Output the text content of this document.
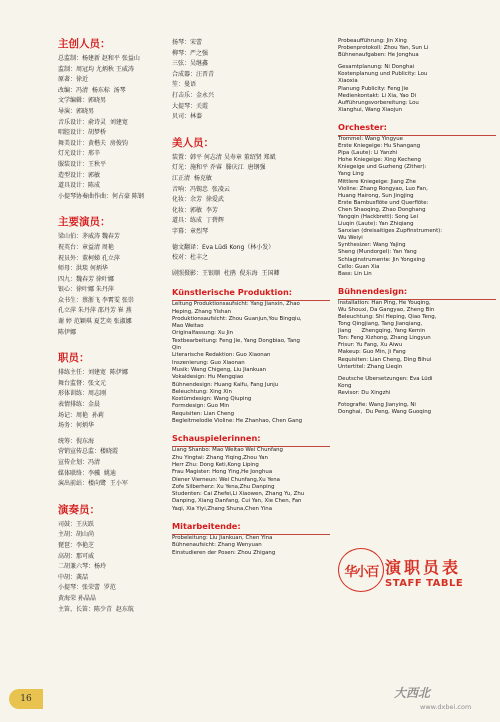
主创人员：
总监制：杨建新 赵和平 张益山
监制：周冠均 尤炳秋 王威涛
原著：徐近
改编：冯清  杨东标  汤琴
文学编辑：郭晓男
导演：郭晓男
音乐设计：俞诗灵  刘建宽
唱腔设计：胡梦桥
舞美设计：黄楷夫  房俊钧
灯光设计：邢辛
服装设计：王秋平
造型设计：郭敏
道具设计：陈成
小提琴协奏曲作曲：何占豪 陈钢
主要演员：
梁山伯：茅威涛 魏春芳
祝英台：章益清 周艳
祝员外：董柯娣 孔立萍
师母：洪琰 何炳华
四九：魏春芳 徐叶娜
银心：徐叶娜 朱丹萍
众书生：蔡浙飞 李霄雯 张崇
孔立萍 朱丹萍 邵丹芳 崔 燕
谢 婷 范颖琪 夏艺奕 张淑娜
陈伊娜
职员：
排练主任：刘建宽  陈伊娜
舞台监督：张文元
形体训练：周志刚
表情排练：金晨
场记：周艳  孙莉
场务：何炳华
统筹：倪东海
营销宣传总监：楼晓霞
宣传企划：冯清
媒体联络：李骥  姚迪
演出前站：楼向鹭  王小军
演奏员：
司鼓：王庆跃
主胡：胡山尚
琵琶：李艳芝
高胡：那可威
二胡兼六琴：杨玲
中胡：龚喆
小提琴：张荣蕾  罗范
黄海荣 孙晶晶
主笛、长笛：陈少青  赵东航
扬琴：宋蕾
柳琴：严之强
三弦：吴继鑫
合成器：汪晋青
笙：曼语
打击乐：金永兴
大提琴：关霞
贝司：林蓁
美人员：
装置：韩平 何志清 吴寿章 董绍贤 郑斌
灯光：施和平 乔睿  滕庆江  唐钢强
江正清  杨克敏
音响：冯锡忠  张凌云
化妆：余芳  徐爱武
化妆：郭敏  李芳
道具：练成  丁碧辉
字幕：章烈琴
德文翻译：Eva Lüdi Kong（林小发）
校对：杜丰之
剧照摄影：王银顺  杜鹃  倪东海  王国卿
Künstlerische Produktion:
Leitung Produktionsaufsicht: Yang Jianxin, Zhao
Heping, Zhang Yishan
Produktionsaufsicht: Zhou Guanjun,You Bingqiu,
Mao Weitao
Originalfassung: Xu Jin
Textbearbeitung: Feng Jie, Yang Dongbiao, Tang
Qin
Literarische Redaktion: Guo Xiaonan
Inszenierung: Guo Xiaonan
Musik: Wang Chigeng, Liu Jiankuan
Vokaldesign: Hu Mengqiao
Bühnendesign: Huang Kaifu, Fang Junju
Beleuchtung: Xing Xin
Kostümdesign: Wang Qiuping
Formdesign: Guo Min
Requisiten: Lian Cheng
Begleitmelodie Violine: He Zhanhao, Chen Gang
Schauspielerinnen:
Liang Shanbo: Mao Weitao Wei Chunfang
Zhu Yingtai: Zhang Yiqing,Zhou Yan
Herr Zhu: Dong Keti,Kong Liping
Frau Magister: Hong Ying,He Jonghua
Diener Vierneun: Wei Chunfang,Xu Yena
Zofe Silberherz: Xu Yena,Zhu Danping
Studenten: Cai Zhefei,Li Xiaowen, Zhang Yu, Zhu
Danping, Xiang Danfang, Cui Yan, Xie Chen, Fan
Yaqi, Xia Yiyi,Zhang Shuna,Chen Yina
Mitarbeitende:
Probeleitung: Liu Jiankuan, Chen Yina
Bühnenaufsicht: Zhang Wenyuan
Einstudieren der Posen: Zhou Zhigang
Probeaufführung: Jin Xing
Probenprotokoll: Zhou Yan, Sun Li
Bühnenaufgaben: He Jonghua
Gesamtplanung: Ni Donghai
Kostenplanung und Publicity: Lou
Xiaoxia
Planung Publicity: Feng Jie
Medienkontakt: Li Xia, Yao Di
Aufführungsvorbereitung: Lou
Xianghui, Wang Xiaojun
Orchester:
Trommel: Wang Yingyue
Erste Kniegeige: Hu Shangang
Pipa (Laute): Li Yanzhi
Hohe Kniegeige: Xing Kecheng
Kniegeige und Guzheng (Zither):
Yang Ling
Mittlere Kniegeige: Jiang Zhe
Violine: Zhang Rongyao, Luo Fan,
Huang Hairong, Sun Jingjing
Erste Bambusflöte und Querflöte:
Chen Shaoqing, Zhao Donghang
Yangqin (Hackbrett): Song Lei
Liuqin (Laute): Yan Zhiqiang
Sanxian (dreisaitiges Zupfinstrument):
Wu Weiyi
Synthesizer: Wang Yajing
Sheng (Mundorgel): Yan Yang
Schlaginstrumente: Jin Yongxing
Cello: Guan Xia
Bass: Lin Lin
Bühnendesign:
Installation: Han Ping, He Youqing,
Wu Shouxi, Da Gangyao, Zheng Bin
Beleuchtung: Shi Heping, Qiao Teng,
Tong Qingjiang, Tang Jianqiang,
Jiang      Zhengqing, Yang Kemin
Ton: Feng Xizhong, Zhang Lingyun
Frisur: Yu Fang, Xu Aiwu
Makeup: Guo Min, Ji Fang
Requisiten: Lian Cheng, Ding Bihui
Untertitel: Zhang Lieqin
Deutsche Übersetzungen: Eva Lüdi
Kong
Revisor: Du Xingzhi
Fotografie: Wang Jianying, Ni
Donghai,  Du Peng, Wang Guoqing
华小百 演职员表
STAFF TABLE
16	大西北
www.dxbei.com
